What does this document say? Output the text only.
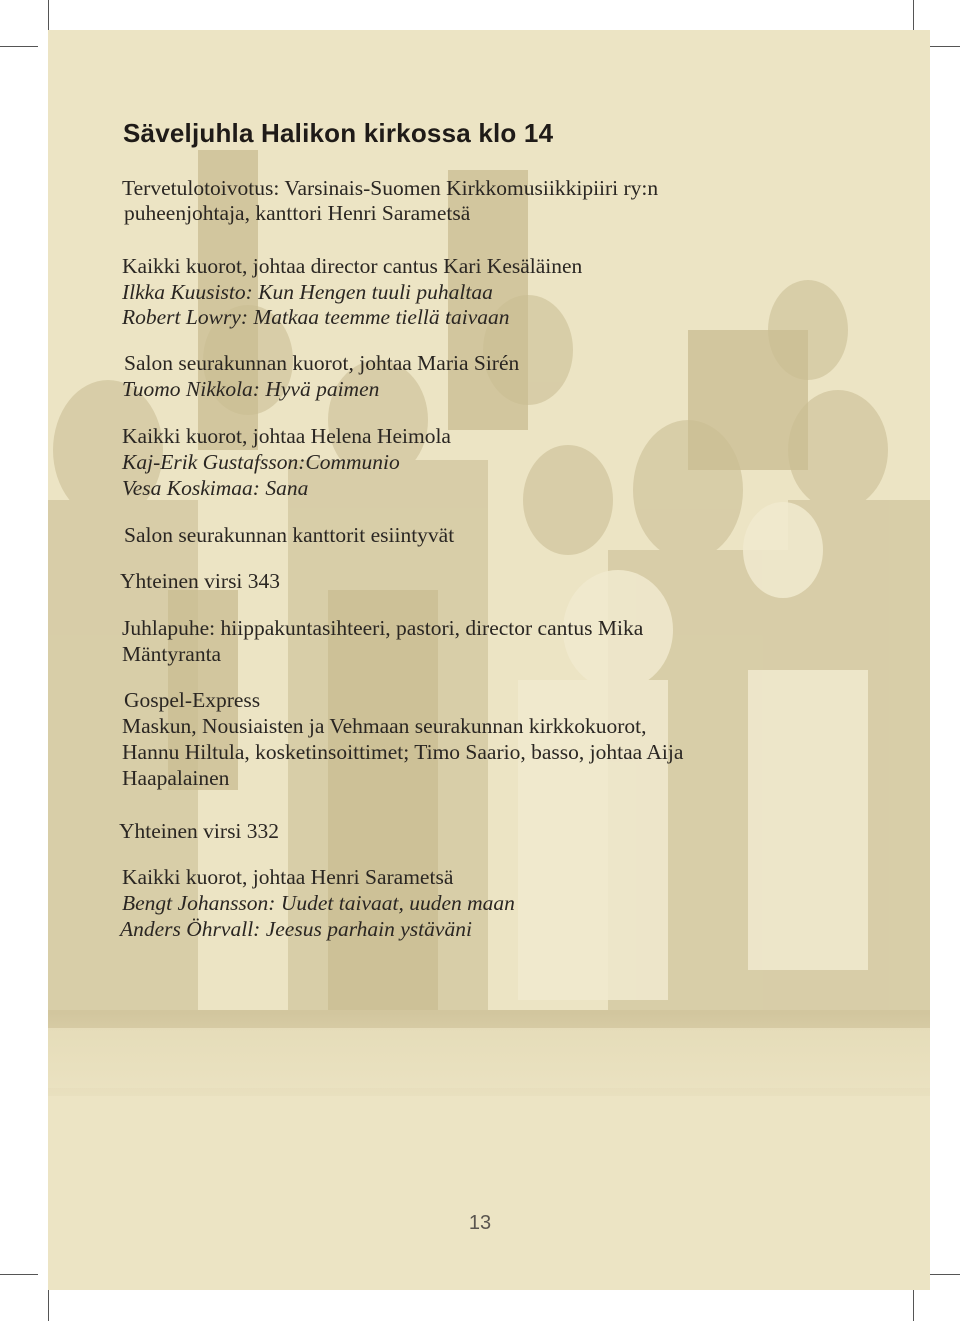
Säveljuhla Halikon kirkossa klo 14
Tervetulotoivotus: Varsinais-Suomen Kirkkomusiikkipiiri ry:n
puheenjohtaja, kanttori Henri Sarametsä
Kaikki kuorot, johtaa director cantus Kari Kesäläinen
Ilkka Kuusisto: Kun Hengen tuuli puhaltaa
Robert Lowry: Matkaa teemme tiellä taivaan
Salon seurakunnan kuorot, johtaa Maria Sirén
Tuomo Nikkola: Hyvä paimen
Kaikki kuorot, johtaa Helena Heimola
Kaj-Erik Gustafsson:Communio
Vesa Koskimaa: Sana
Salon seurakunnan kanttorit esiintyvät
Yhteinen virsi 343
Juhlapuhe: hiippakuntasihteeri, pastori, director cantus Mika
Mäntyranta
Gospel-Express
Maskun, Nousiaisten ja Vehmaan seurakunnan kirkkokuorot,
Hannu Hiltula, kosketinsoittimet; Timo Saario, basso, johtaa Aija
Haapalainen
Yhteinen virsi 332
Kaikki kuorot, johtaa Henri Sarametsä
Bengt Johansson: Uudet taivaat, uuden maan
Anders Öhrvall: Jeesus parhain ystäväni
13
